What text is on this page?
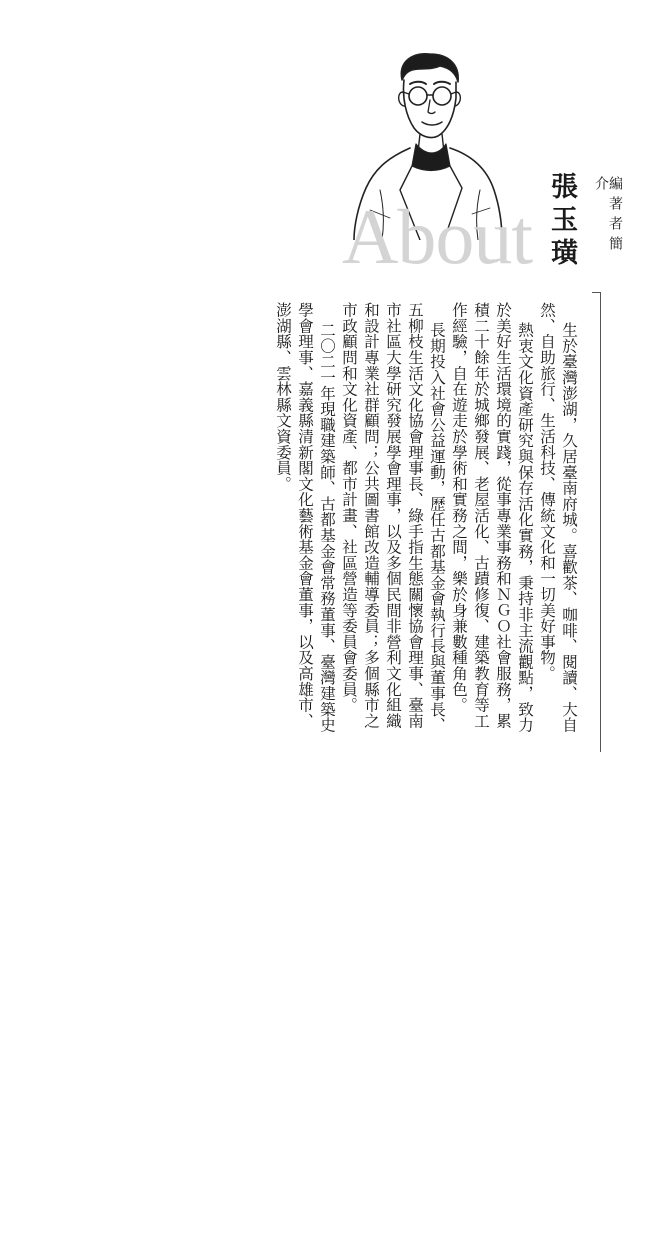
About	編著者簡介
張玉璜

生於臺灣澎湖，久居臺南府城。喜歡茶、咖啡、閱讀、大自然、自助旅行、生活科技、傳統文化和一切美好事物。

熱衷文化資產研究與保存活化實務，秉持非主流觀點，致力於美好生活環境的實踐，從事專業事務和ＮＧＯ社會服務，累積二十餘年於城鄉發展、老屋活化、古蹟修復、建築教育等工作經驗，自在遊走於學術和實務之間，樂於身兼數種角色。

長期投入社會公益運動，歷任古都基金會執行長與董事長、五柳枝生活文化協會理事長、綠手指生態關懷協會理事、臺南市社區大學研究發展學會理事，以及多個民間非營利文化組織和設計專業社群顧問；公共圖書館改造輔導委員；多個縣市之市政顧問和文化資產、都市計畫、社區營造等委員會委員。

二〇二一年現職建築師、古都基金會常務董事、臺灣建築史學會理事、嘉義縣清新閣文化藝術基金會董事，以及高雄市、澎湖縣、雲林縣文資委員。
